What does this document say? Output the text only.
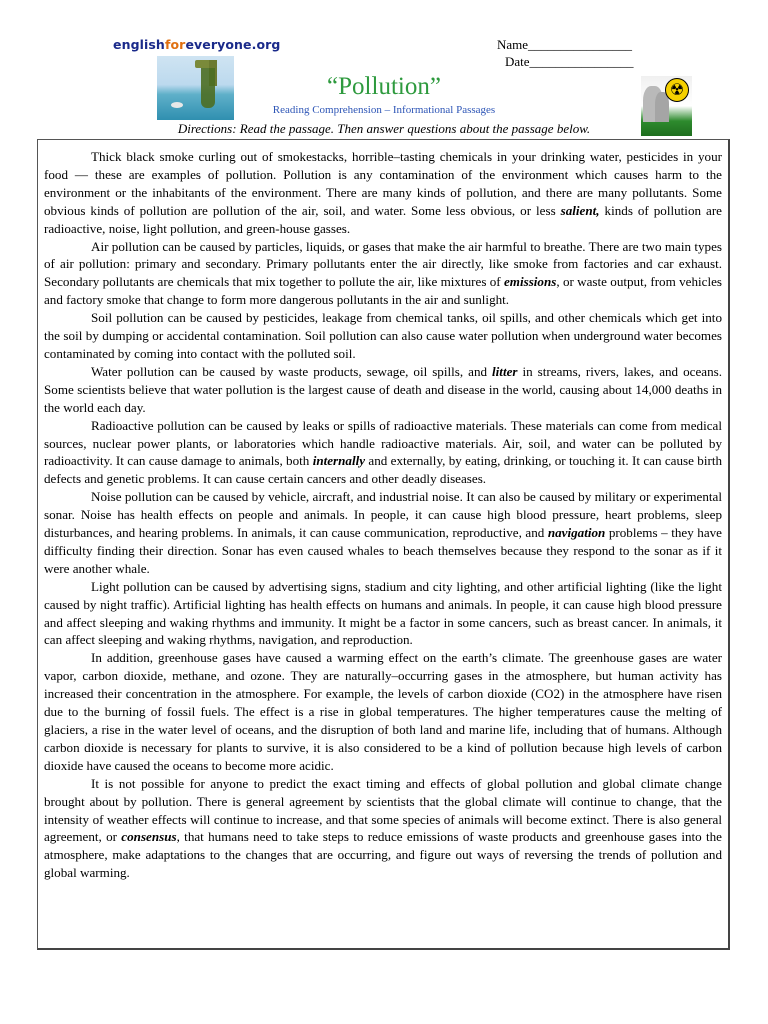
englishforeveryone.org	Name________________
Date________________
☢
“Pollution”
Reading Comprehension – Informational Passages
Directions: Read the passage. Then answer questions about the passage below.

Thick black smoke curling out of smokestacks, horrible–tasting chemicals in your drinking water, pesticides in your food — these are examples of pollution. Pollution is any contamination of the environment which causes harm to the environment or the inhabitants of the environment. There are many kinds of pollution, and there are many pollutants. Some obvious kinds of pollution are pollution of the air, soil, and water. Some less obvious, or less salient, kinds of pollution are radioactive, noise, light pollution, and green-house gasses.

Air pollution can be caused by particles, liquids, or gases that make the air harmful to breathe. There are two main types of air pollution: primary and secondary. Primary pollutants enter the air directly, like smoke from factories and car exhaust. Secondary pollutants are chemicals that mix together to pollute the air, like mixtures of emissions, or waste output, from vehicles and factory smoke that change to form more dangerous pollutants in the air and sunlight.

Soil pollution can be caused by pesticides, leakage from chemical tanks, oil spills, and other chemicals which get into the soil by dumping or accidental contamination. Soil pollution can also cause water pollution when underground water becomes contaminated by coming into contact with the polluted soil.

Water pollution can be caused by waste products, sewage, oil spills, and litter in streams, rivers, lakes, and oceans. Some scientists believe that water pollution is the largest cause of death and disease in the world, causing about 14,000 deaths in the world each day.

Radioactive pollution can be caused by leaks or spills of radioactive materials. These materials can come from medical sources, nuclear power plants, or laboratories which handle radioactive materials. Air, soil, and water can be polluted by radioactivity. It can cause damage to animals, both internally and externally, by eating, drinking, or touching it. It can cause birth defects and genetic problems. It can cause certain cancers and other deadly diseases.

Noise pollution can be caused by vehicle, aircraft, and industrial noise. It can also be caused by military or experimental sonar. Noise has health effects on people and animals. In people, it can cause high blood pressure, heart problems, sleep disturbances, and hearing problems. In animals, it can cause communication, reproductive, and navigation problems – they have difficulty finding their direction. Sonar has even caused whales to beach themselves because they respond to the sonar as if it were another whale.

Light pollution can be caused by advertising signs, stadium and city lighting, and other artificial lighting (like the light caused by night traffic). Artificial lighting has health effects on humans and animals. In people, it can cause high blood pressure and affect sleeping and waking rhythms and immunity. It might be a factor in some cancers, such as breast cancer. In animals, it can affect sleeping and waking rhythms, navigation, and reproduction.

In addition, greenhouse gases have caused a warming effect on the earth’s climate. The greenhouse gases are water vapor, carbon dioxide, methane, and ozone. They are naturally–occurring gases in the atmosphere, but human activity has increased their concentration in the atmosphere. For example, the levels of carbon dioxide (CO2) in the atmosphere have risen due to the burning of fossil fuels. The effect is a rise in global temperatures. The higher temperatures cause the melting of glaciers, a rise in the water level of oceans, and the disruption of both land and marine life, including that of humans. Although carbon dioxide is necessary for plants to survive, it is also considered to be a kind of pollution because high levels of carbon dioxide have caused the oceans to become more acidic.

It is not possible for anyone to predict the exact timing and effects of global pollution and global climate change brought about by pollution. There is general agreement by scientists that the global climate will continue to change, that the intensity of weather effects will continue to increase, and that some species of animals will become extinct. There is also general agreement, or consensus, that humans need to take steps to reduce emissions of waste products and greenhouse gases into the atmosphere, make adaptations to the changes that are occurring, and figure out ways of reversing the trends of pollution and global warming.
